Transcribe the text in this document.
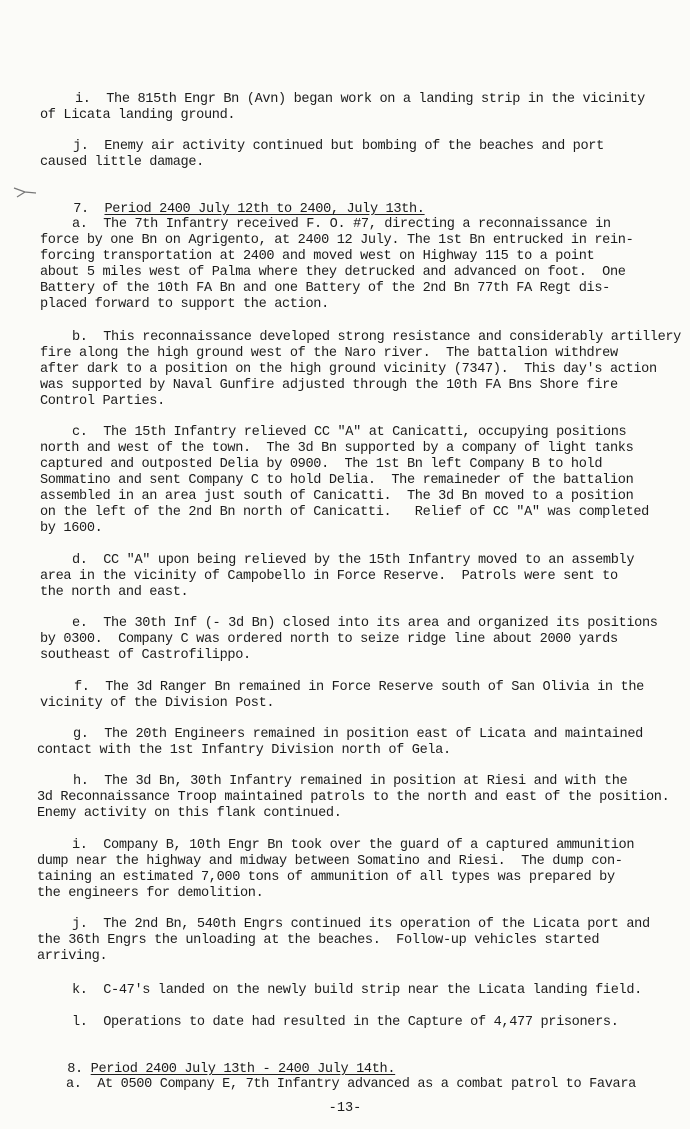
i.  The 815th Engr Bn (Avn) began work on a landing strip in the vicinity
of Licata landing ground.
j.  Enemy air activity continued but bombing of the beaches and port
caused little damage.

7. Period 2400 July 12th to 2400, July 13th.

a.  The 7th Infantry received F. O. #7, directing a reconnaissance in
force by one Bn on Agrigento, at 2400 12 July. The 1st Bn entrucked in rein-
forcing transportation at 2400 and moved west on Highway 115 to a point
about 5 miles west of Palma where they detrucked and advanced on foot.  One
Battery of the 10th FA Bn and one Battery of the 2nd Bn 77th FA Regt dis-
placed forward to support the action.
b.  This reconnaissance developed strong resistance and considerably artillery
fire along the high ground west of the Naro river.  The battalion withdrew
after dark to a position on the high ground vicinity (7347).  This day's action
was supported by Naval Gunfire adjusted through the 10th FA Bns Shore fire
Control Parties.
c.  The 15th Infantry relieved CC "A" at Canicatti, occupying positions
north and west of the town.  The 3d Bn supported by a company of light tanks
captured and outposted Delia by 0900.  The 1st Bn left Company B to hold
Sommatino and sent Company C to hold Delia.  The remaineder of the battalion
assembled in an area just south of Canicatti.  The 3d Bn moved to a position
on the left of the 2nd Bn north of Canicatti.   Relief of CC "A" was completed
by 1600.
d.  CC "A" upon being relieved by the 15th Infantry moved to an assembly
area in the vicinity of Campobello in Force Reserve.  Patrols were sent to
the north and east.
e.  The 30th Inf (- 3d Bn) closed into its area and organized its positions
by 0300.  Company C was ordered north to seize ridge line about 2000 yards
southeast of Castrofilippo.
f.  The 3d Ranger Bn remained in Force Reserve south of San Olivia in the
vicinity of the Division Post.
g.  The 20th Engineers remained in position east of Licata and maintained
contact with the 1st Infantry Division north of Gela.
h.  The 3d Bn, 30th Infantry remained in position at Riesi and with the
3d Reconnaissance Troop maintained patrols to the north and east of the position.
Enemy activity on this flank continued.
i.  Company B, 10th Engr Bn took over the guard of a captured ammunition
dump near the highway and midway between Somatino and Riesi.  The dump con-
taining an estimated 7,000 tons of ammunition of all types was prepared by
the engineers for demolition.
j.  The 2nd Bn, 540th Engrs continued its operation of the Licata port and
the 36th Engrs the unloading at the beaches.  Follow-up vehicles started
arriving.
k.  C-47's landed on the newly build strip near the Licata landing field.
l.  Operations to date had resulted in the Capture of 4,477 prisoners.

8. Period 2400 July 13th - 2400 July 14th.

a.  At 0500 Company E, 7th Infantry advanced as a combat patrol to Favara
-13-
